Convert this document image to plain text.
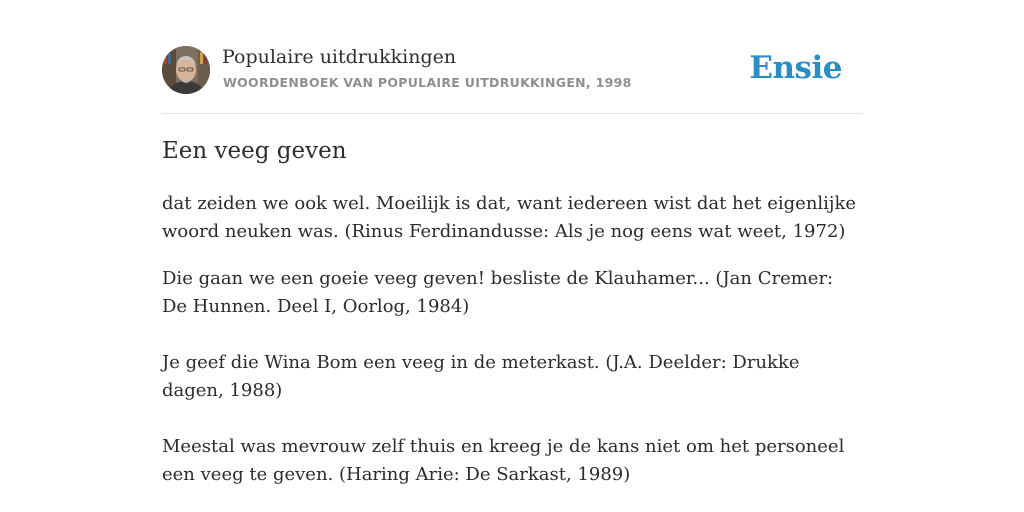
Populaire uitdrukkingen
WOORDENBOEK VAN POPULAIRE UITDRUKKINGEN, 1998	Ensie
Een veeg geven

dat zeiden we ook wel. Moeilijk is dat, want iedereen wist dat het eigenlijke woord neuken was. (Rinus Ferdinandusse: Als je nog eens wat weet, 1972)

Die gaan we een goeie veeg geven! besliste de Klauhamer... (Jan Cremer: De Hunnen. Deel I, Oorlog, 1984)

Je geef die Wina Bom een veeg in de meterkast. (J.A. Deelder: Drukke dagen, 1988)

Meestal was mevrouw zelf thuis en kreeg je de kans niet om het personeel een veeg te geven. (Haring Arie: De Sarkast, 1989)
